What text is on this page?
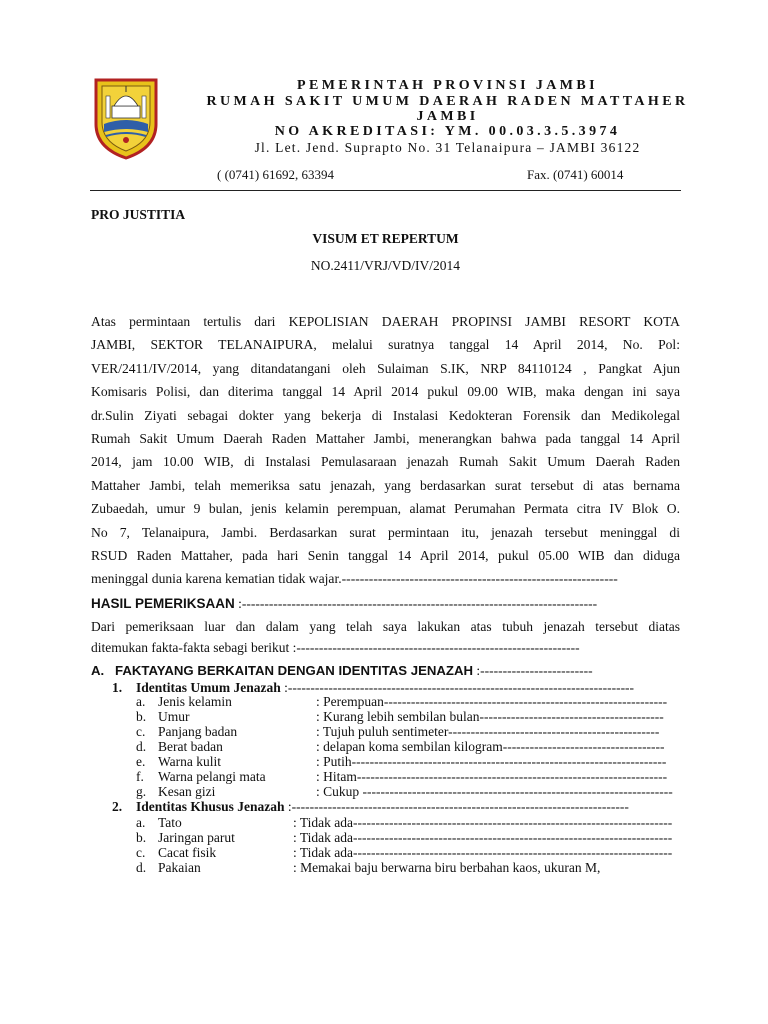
PEMERINTAH PROVINSI JAMBI
RUMAH SAKIT UMUM DAERAH RADEN MATTAHER
JAMBI
NO AKREDITASI: YM. 00.03.3.5.3974
Jl. Let. Jend. Suprapto No. 31 Telanaipura – JAMBI 36122
( (0741) 61692, 63394	Fax. (0741) 60014
PRO JUSTITIA
VISUM ET REPERTUM
NO.2411/VRJ/VD/IV/2014
Atas permintaan tertulis dari KEPOLISIAN DAERAH PROPINSI JAMBI RESORT KOTA
JAMBI, SEKTOR TELANAIPURA, melalui suratnya tanggal 14 April 2014, No. Pol:
VER/2411/IV/2014, yang ditandatangani oleh Sulaiman S.IK, NRP 84110124 , Pangkat Ajun
Komisaris Polisi, dan diterima tanggal 14 April 2014 pukul 09.00 WIB, maka dengan ini saya
dr.Sulin Ziyati sebagai dokter yang bekerja di Instalasi Kedokteran Forensik dan Medikolegal
Rumah Sakit Umum Daerah Raden Mattaher Jambi, menerangkan bahwa pada tanggal 14 April
2014, jam 10.00 WIB, di Instalasi Pemulasaraan jenazah Rumah Sakit Umum Daerah Raden
Mattaher Jambi, telah memeriksa satu jenazah, yang berdasarkan surat tersebut di atas bernama
Zubaedah, umur 9 bulan, jenis kelamin perempuan, alamat Perumahan Permata citra IV Blok O.
No 7, Telanaipura, Jambi. Berdasarkan surat permintaan itu, jenazah tersebut meninggal di
RSUD Raden Mattaher, pada hari Senin tanggal 14 April 2014, pukul 05.00 WIB dan diduga
meninggal dunia karena kematian tidak wajar.-------------------------------------------------------------
HASIL PEMERIKSAAN :-------------------------------------------------------------------------------
Dari pemeriksaan luar dan dalam yang telah saya lakukan atas tubuh jenazah tersebut diatas
ditemukan fakta-fakta sebagi berikut :---------------------------------------------------------------
A. FAKTAYANG BERKAITAN DENGAN IDENTITAS JENAZAH :-------------------------
1. Identitas Umum Jenazah :-----------------------------------------------------------------------------
a. Jenis kelamin	: Perempuan---------------------------------------------------------------
b. Umur	: Kurang lebih sembilan bulan-----------------------------------------
c. Panjang badan	: Tujuh puluh sentimeter-----------------------------------------------
d. Berat badan	: delapan koma sembilan kilogram------------------------------------
e. Warna kulit	: Putih----------------------------------------------------------------------
f. Warna pelangi mata	: Hitam---------------------------------------------------------------------
g. Kesan gizi	: Cukup ---------------------------------------------------------------------
2. Identitas Khusus Jenazah :---------------------------------------------------------------------------
a. Tato	: Tidak ada-----------------------------------------------------------------------
b. Jaringan parut	: Tidak ada-----------------------------------------------------------------------
c. Cacat fisik	: Tidak ada-----------------------------------------------------------------------
d. Pakaian	: Memakai baju berwarna biru berbahan kaos, ukuran M,
